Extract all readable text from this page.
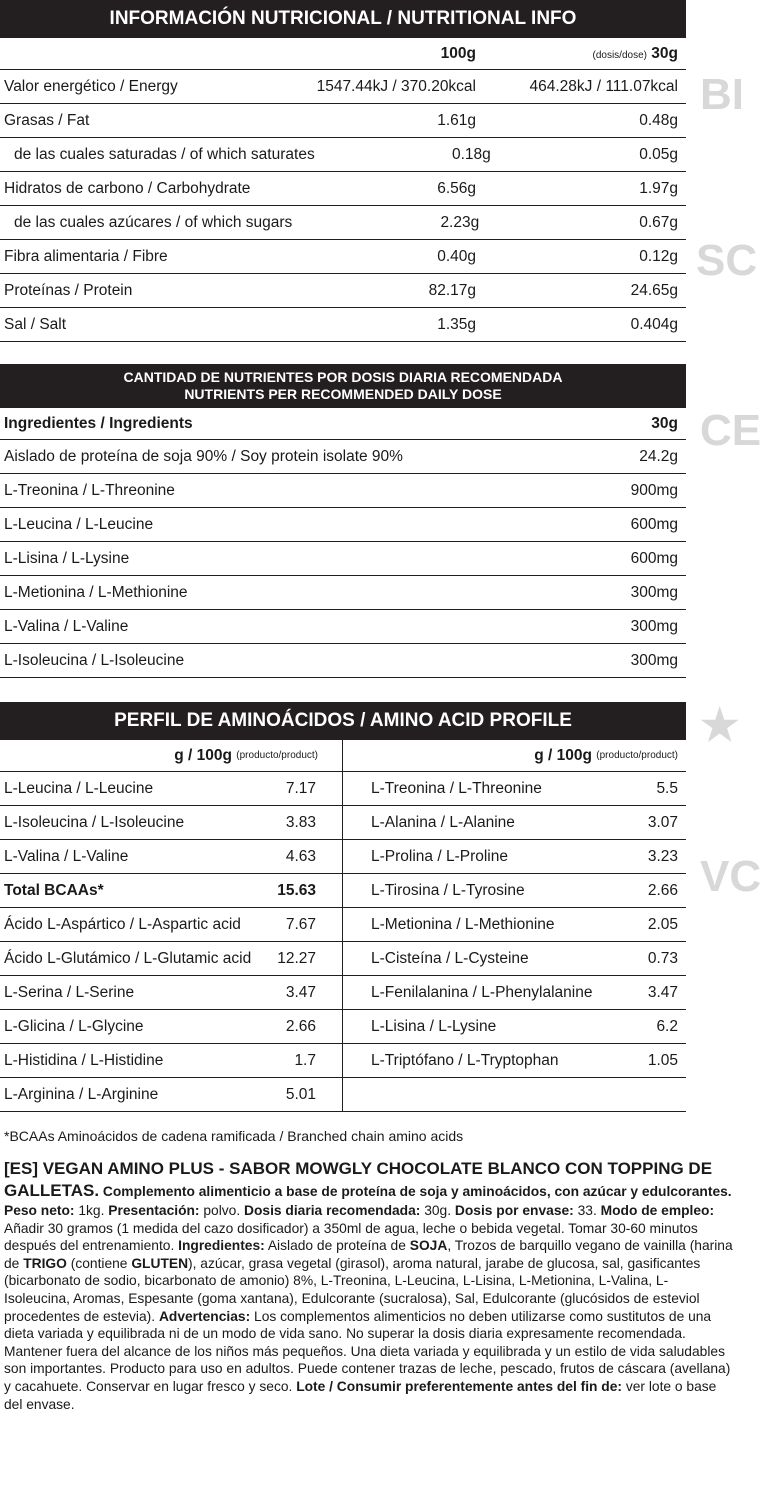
BI
SC
CE
★
VC
INFORMACIÓN NUTRICIONAL / NUTRITIONAL INFO
100g	(dosis/dose) 30g
Valor energético / Energy	1547.44kJ / 370.20kcal	464.28kJ / 111.07kcal
Grasas / Fat	1.61g	0.48g
de las cuales saturadas / of which saturates	0.18g	0.05g
Hidratos de carbono / Carbohydrate	6.56g	1.97g
de las cuales azúcares / of which sugars	2.23g	0.67g
Fibra alimentaria / Fibre	0.40g	0.12g
Proteínas / Protein	82.17g	24.65g
Sal / Salt	1.35g	0.404g
CANTIDAD DE NUTRIENTES POR DOSIS DIARIA RECOMENDADA
NUTRIENTS PER RECOMMENDED DAILY DOSE
Ingredientes / Ingredients	30g
Aislado de proteína de soja 90% / Soy protein isolate 90%	24.2g
L-Treonina / L-Threonine	900mg
L-Leucina / L-Leucine	600mg
L-Lisina / L-Lysine	600mg
L-Metionina / L-Methionine	300mg
L-Valina / L-Valine	300mg
L-Isoleucina / L-Isoleucine	300mg
PERFIL DE AMINOÁCIDOS / AMINO ACID PROFILE
g / 100g
(producto/product)
L-Leucina / L-Leucine	7.17
L-Isoleucina / L-Isoleucine	3.83
L-Valina / L-Valine	4.63
Total BCAAs*	15.63
Ácido L-Aspártico / L-Aspartic acid	7.67
Ácido L-Glutámico / L-Glutamic acid	12.27
L-Serina / L-Serine	3.47
L-Glicina / L-Glycine	2.66
L-Histidina / L-Histidine	1.7
L-Arginina / L-Arginine	5.01
g / 100g
(producto/product)
L-Treonina / L-Threonine	5.5
L-Alanina / L-Alanine	3.07
L-Prolina / L-Proline	3.23
L-Tirosina / L-Tyrosine	2.66
L-Metionina / L-Methionine	2.05
L-Cisteína / L-Cysteine	0.73
L-Fenilalanina / L-Phenylalanine	3.47
L-Lisina / L-Lysine	6.2
L-Triptófano / L-Tryptophan	1.05
*BCAAs Aminoácidos de cadena ramificada / Branched chain amino acids
[ES] VEGAN AMINO PLUS - SABOR MOWGLY CHOCOLATE BLANCO CON TOPPING DE GALLETAS. Complemento alimenticio a base de proteína de soja y aminoácidos, con azúcar y edulcorantes. Peso neto: 1kg. Presentación: polvo. Dosis diaria recomendada: 30g. Dosis por envase: 33. Modo de empleo: Añadir 30 gramos (1 medida del cazo dosificador) a 350ml de agua, leche o bebida vegetal. Tomar 30-60 minutos después del entrenamiento. Ingredientes: Aislado de proteína de SOJA, Trozos de barquillo vegano de vainilla (harina de TRIGO (contiene GLUTEN), azúcar, grasa vegetal (girasol), aroma natural, jarabe de glucosa, sal, gasificantes (bicarbonato de sodio, bicarbonato de amonio) 8%, L-Treonina, L-Leucina, L-Lisina, L-Metionina, L-Valina, L-Isoleucina, Aromas, Espesante (goma xantana), Edulcorante (sucralosa), Sal, Edulcorante (glucósidos de esteviol procedentes de estevia). Advertencias: Los complementos alimenticios no deben utilizarse como sustitutos de una dieta variada y equilibrada ni de un modo de vida sano. No superar la dosis diaria expresamente recomendada. Mantener fuera del alcance de los niños más pequeños. Una dieta variada y equilibrada y un estilo de vida saludables son importantes. Producto para uso en adultos. Puede contener trazas de leche, pescado, frutos de cáscara (avellana) y cacahuete. Conservar en lugar fresco y seco. Lote / Consumir preferentemente antes del fin de: ver lote o base del envase.
